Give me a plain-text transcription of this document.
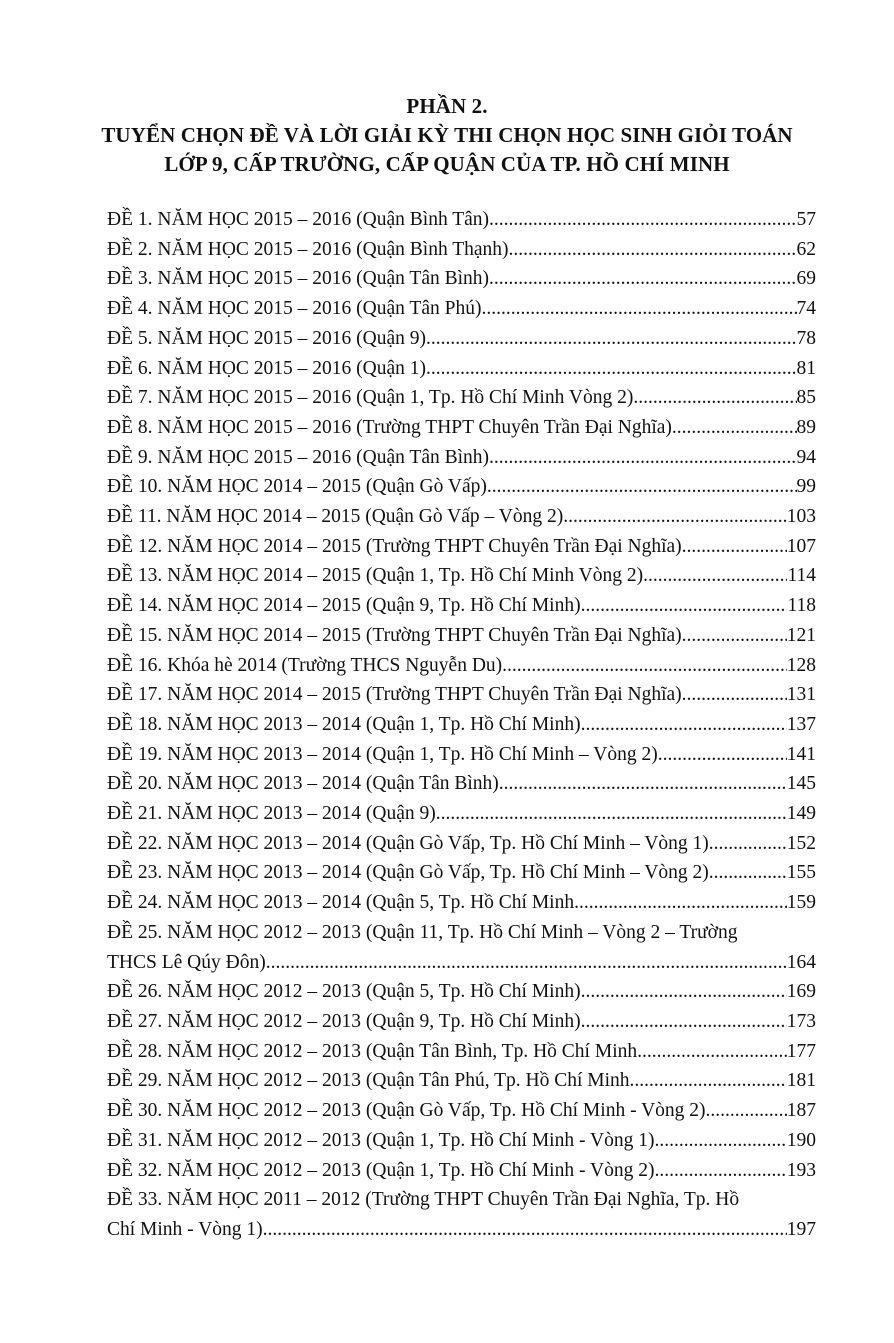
PHẦN 2.
TUYỂN CHỌN ĐỀ VÀ LỜI GIẢI KỲ THI CHỌN HỌC SINH GIỎI TOÁN
LỚP 9, CẤP TRƯỜNG, CẤP QUẬN CỦA TP. HỒ CHÍ MINH
ĐỀ 1. NĂM HỌC 2015 – 2016 (Quận Bình Tân) .....	57
ĐỀ 2. NĂM HỌC 2015 – 2016 (Quận Bình Thạnh) .....	62
ĐỀ 3. NĂM HỌC 2015 – 2016 (Quận Tân Bình) .....	69
ĐỀ 4. NĂM HỌC 2015 – 2016 (Quận Tân Phú) .....	74
ĐỀ 5. NĂM HỌC 2015 – 2016 (Quận 9) .....	78
ĐỀ 6. NĂM HỌC 2015 – 2016 (Quận 1) .....	81
ĐỀ 7. NĂM HỌC 2015 – 2016 (Quận 1, Tp. Hồ Chí Minh Vòng 2) .....	85
ĐỀ 8. NĂM HỌC 2015 – 2016 (Trường THPT Chuyên Trần Đại Nghĩa) .....	89
ĐỀ 9. NĂM HỌC 2015 – 2016 (Quận Tân Bình) .....	94
ĐỀ 10. NĂM HỌC 2014 – 2015 (Quận Gò Vấp) .....	99
ĐỀ 11. NĂM HỌC 2014 – 2015 (Quận Gò Vấp – Vòng 2) .....	103
ĐỀ 12. NĂM HỌC 2014 – 2015 (Trường THPT Chuyên Trần Đại Nghĩa) .....	107
ĐỀ 13. NĂM HỌC 2014 – 2015 (Quận 1, Tp. Hồ Chí Minh Vòng 2) .....	114
ĐỀ 14. NĂM HỌC 2014 – 2015 (Quận 9, Tp. Hồ Chí Minh) .....	118
ĐỀ 15. NĂM HỌC 2014 – 2015 (Trường THPT Chuyên Trần Đại Nghĩa) .....	121
ĐỀ 16. Khóa hè 2014 (Trường THCS Nguyễn Du) .....	128
ĐỀ 17. NĂM HỌC 2014 – 2015 (Trường THPT Chuyên Trần Đại Nghĩa) .....	131
ĐỀ 18. NĂM HỌC 2013 – 2014 (Quận 1, Tp. Hồ Chí Minh) .....	137
ĐỀ 19. NĂM HỌC 2013 – 2014 (Quận 1, Tp. Hồ Chí Minh – Vòng 2) .....	141
ĐỀ 20. NĂM HỌC 2013 – 2014 (Quận Tân Bình) .....	145
ĐỀ 21. NĂM HỌC 2013 – 2014 (Quận 9) .....	149
ĐỀ 22. NĂM HỌC 2013 – 2014 (Quận Gò Vấp, Tp. Hồ Chí Minh – Vòng 1) .....	152
ĐỀ 23. NĂM HỌC 2013 – 2014 (Quận Gò Vấp, Tp. Hồ Chí Minh – Vòng 2) .....	155
ĐỀ 24. NĂM HỌC 2013 – 2014 (Quận 5, Tp. Hồ Chí Minh .....	159
ĐỀ 25. NĂM HỌC 2012 – 2013 (Quận 11, Tp. Hồ Chí Minh – Vòng 2 – Trường
THCS Lê Qúy Đôn) .....	164
ĐỀ 26. NĂM HỌC 2012 – 2013 (Quận 5, Tp. Hồ Chí Minh) .....	169
ĐỀ 27. NĂM HỌC 2012 – 2013 (Quận 9, Tp. Hồ Chí Minh) .....	173
ĐỀ 28. NĂM HỌC 2012 – 2013 (Quận Tân Bình, Tp. Hồ Chí Minh .....	177
ĐỀ 29. NĂM HỌC 2012 – 2013 (Quận Tân Phú, Tp. Hồ Chí Minh .....	181
ĐỀ 30. NĂM HỌC 2012 – 2013 (Quận Gò Vấp, Tp. Hồ Chí Minh - Vòng 2) .....	187
ĐỀ 31. NĂM HỌC 2012 – 2013 (Quận 1, Tp. Hồ Chí Minh - Vòng 1) .....	190
ĐỀ 32. NĂM HỌC 2012 – 2013 (Quận 1, Tp. Hồ Chí Minh - Vòng 2) .....	193
ĐỀ 33. NĂM HỌC 2011 – 2012 (Trường THPT Chuyên Trần Đại Nghĩa, Tp. Hồ
Chí Minh - Vòng 1) .....	197
